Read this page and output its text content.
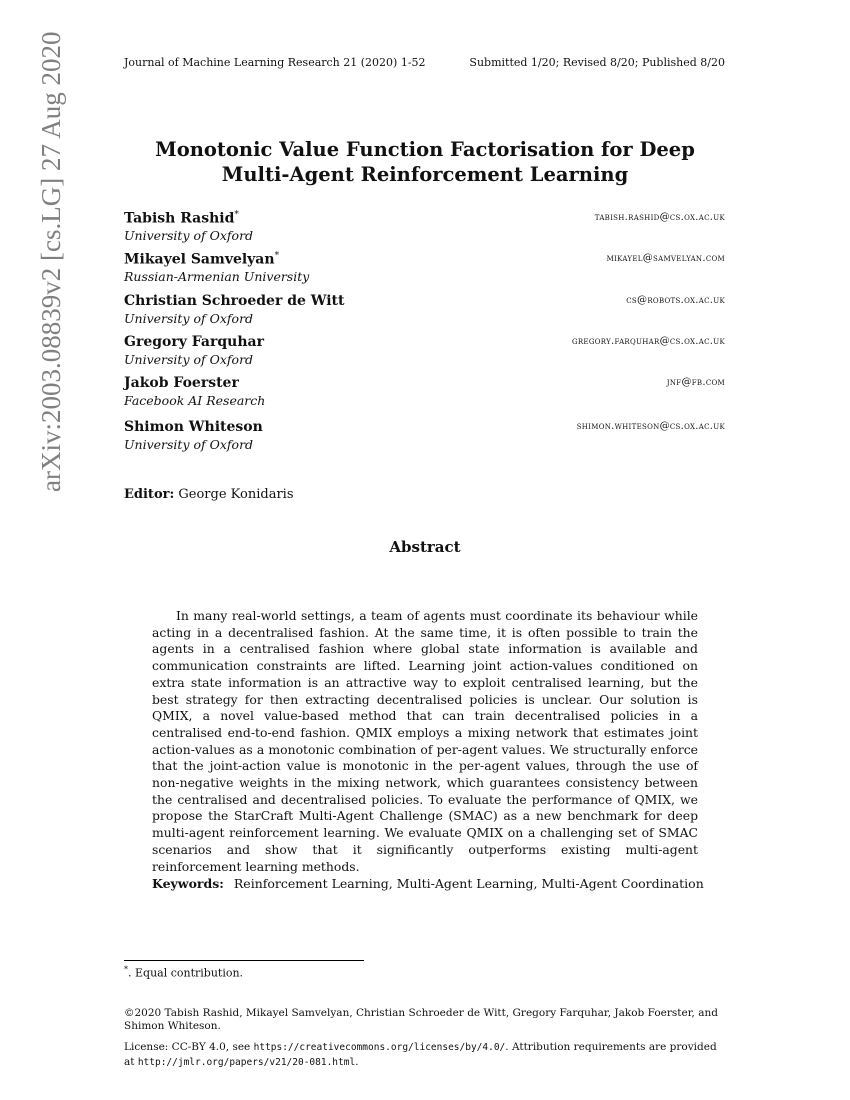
Journal of Machine Learning Research 21 (2020) 1-52	Submitted 1/20; Revised 8/20; Published 8/20
arXiv:2003.08839v2 [cs.LG] 27 Aug 2020	Monotonic Value Function Factorisation for Deep
Multi-Agent Reinforcement Learning
Tabish Rashid*	tabish.rashid@cs.ox.ac.uk
University of Oxford
Mikayel Samvelyan*	mikayel@samvelyan.com
Russian-Armenian University
Christian Schroeder de Witt	cs@robots.ox.ac.uk
University of Oxford
Gregory Farquhar	gregory.farquhar@cs.ox.ac.uk
University of Oxford
Jakob Foerster	jnf@fb.com
Facebook AI Research
Shimon Whiteson	shimon.whiteson@cs.ox.ac.uk
University of Oxford
Editor: George Konidaris
Abstract
In many real-world settings, a team of agents must coordinate its behaviour while acting in a decentralised fashion. At the same time, it is often possible to train the agents in a centralised fashion where global state information is available and communication constraints are lifted. Learning joint action-values conditioned on extra state information is an attractive way to exploit centralised learning, but the best strategy for then extracting decentralised policies is unclear. Our solution is QMIX, a novel value-based method that can train decentralised policies in a centralised end-to-end fashion. QMIX employs a mixing network that estimates joint action-values as a monotonic combination of per-agent values. We structurally enforce that the joint-action value is monotonic in the per-agent values, through the use of non-negative weights in the mixing network, which guarantees consistency between the centralised and decentralised policies. To evaluate the performance of QMIX, we propose the StarCraft Multi-Agent Challenge (SMAC) as a new benchmark for deep multi-agent reinforcement learning. We evaluate QMIX on a challenging set of SMAC scenarios and show that it significantly outperforms existing multi-agent reinforcement learning methods.
Keywords: Reinforcement Learning, Multi-Agent Learning, Multi-Agent Coordination
*. Equal contribution.
©2020 Tabish Rashid, Mikayel Samvelyan, Christian Schroeder de Witt, Gregory Farquhar, Jakob Foerster, and Shimon Whiteson.
License: CC-BY 4.0, see https://creativecommons.org/licenses/by/4.0/. Attribution requirements are provided at http://jmlr.org/papers/v21/20-081.html.
